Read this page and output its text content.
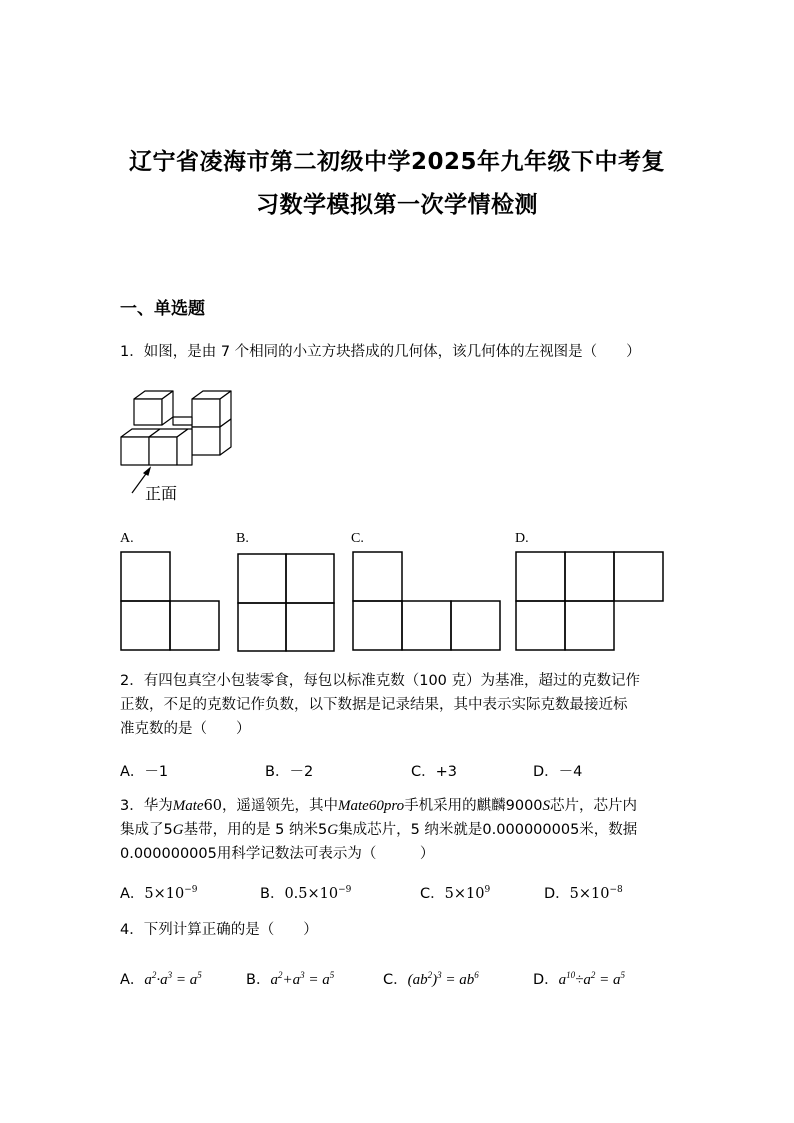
辽宁省凌海市第二初级中学2025年九年级下中考复
习数学模拟第一次学情检测
一、单选题
1．如图，是由 7 个相同的小立方块搭成的几何体，该几何体的左视图是（　　）
正面
A.	B.	C.	D.
2．有四包真空小包装零食，每包以标准克数（100 克）为基准，超过的克数记作
正数，不足的克数记作负数，以下数据是记录结果，其中表示实际克数最接近标
准克数的是（　　）
A．－1	B．－2	C．+3	D．－4
3．华为Mate60，遥遥领先，其中Mate60pro手机采用的麒麟9000S芯片，芯片内
集成了5G基带，用的是 5 纳米5G集成芯片，5 纳米就是0.000000005米，数据
0.000000005用科学记数法可表示为（　　　）
A．$5\times 10^{-9}$	B．$0.5\times 10^{-9}$	C．$5\times 10^9$	D．$5\times 10^{-8}$
4．下列计算正确的是（　　）
A．$a^2\cdot a^3 = a^5$	B．$a^2+a^3 = a^5$	C．$(ab^2)^3 = ab^6$	D．$a^{10}\div a^2 = a^5$
